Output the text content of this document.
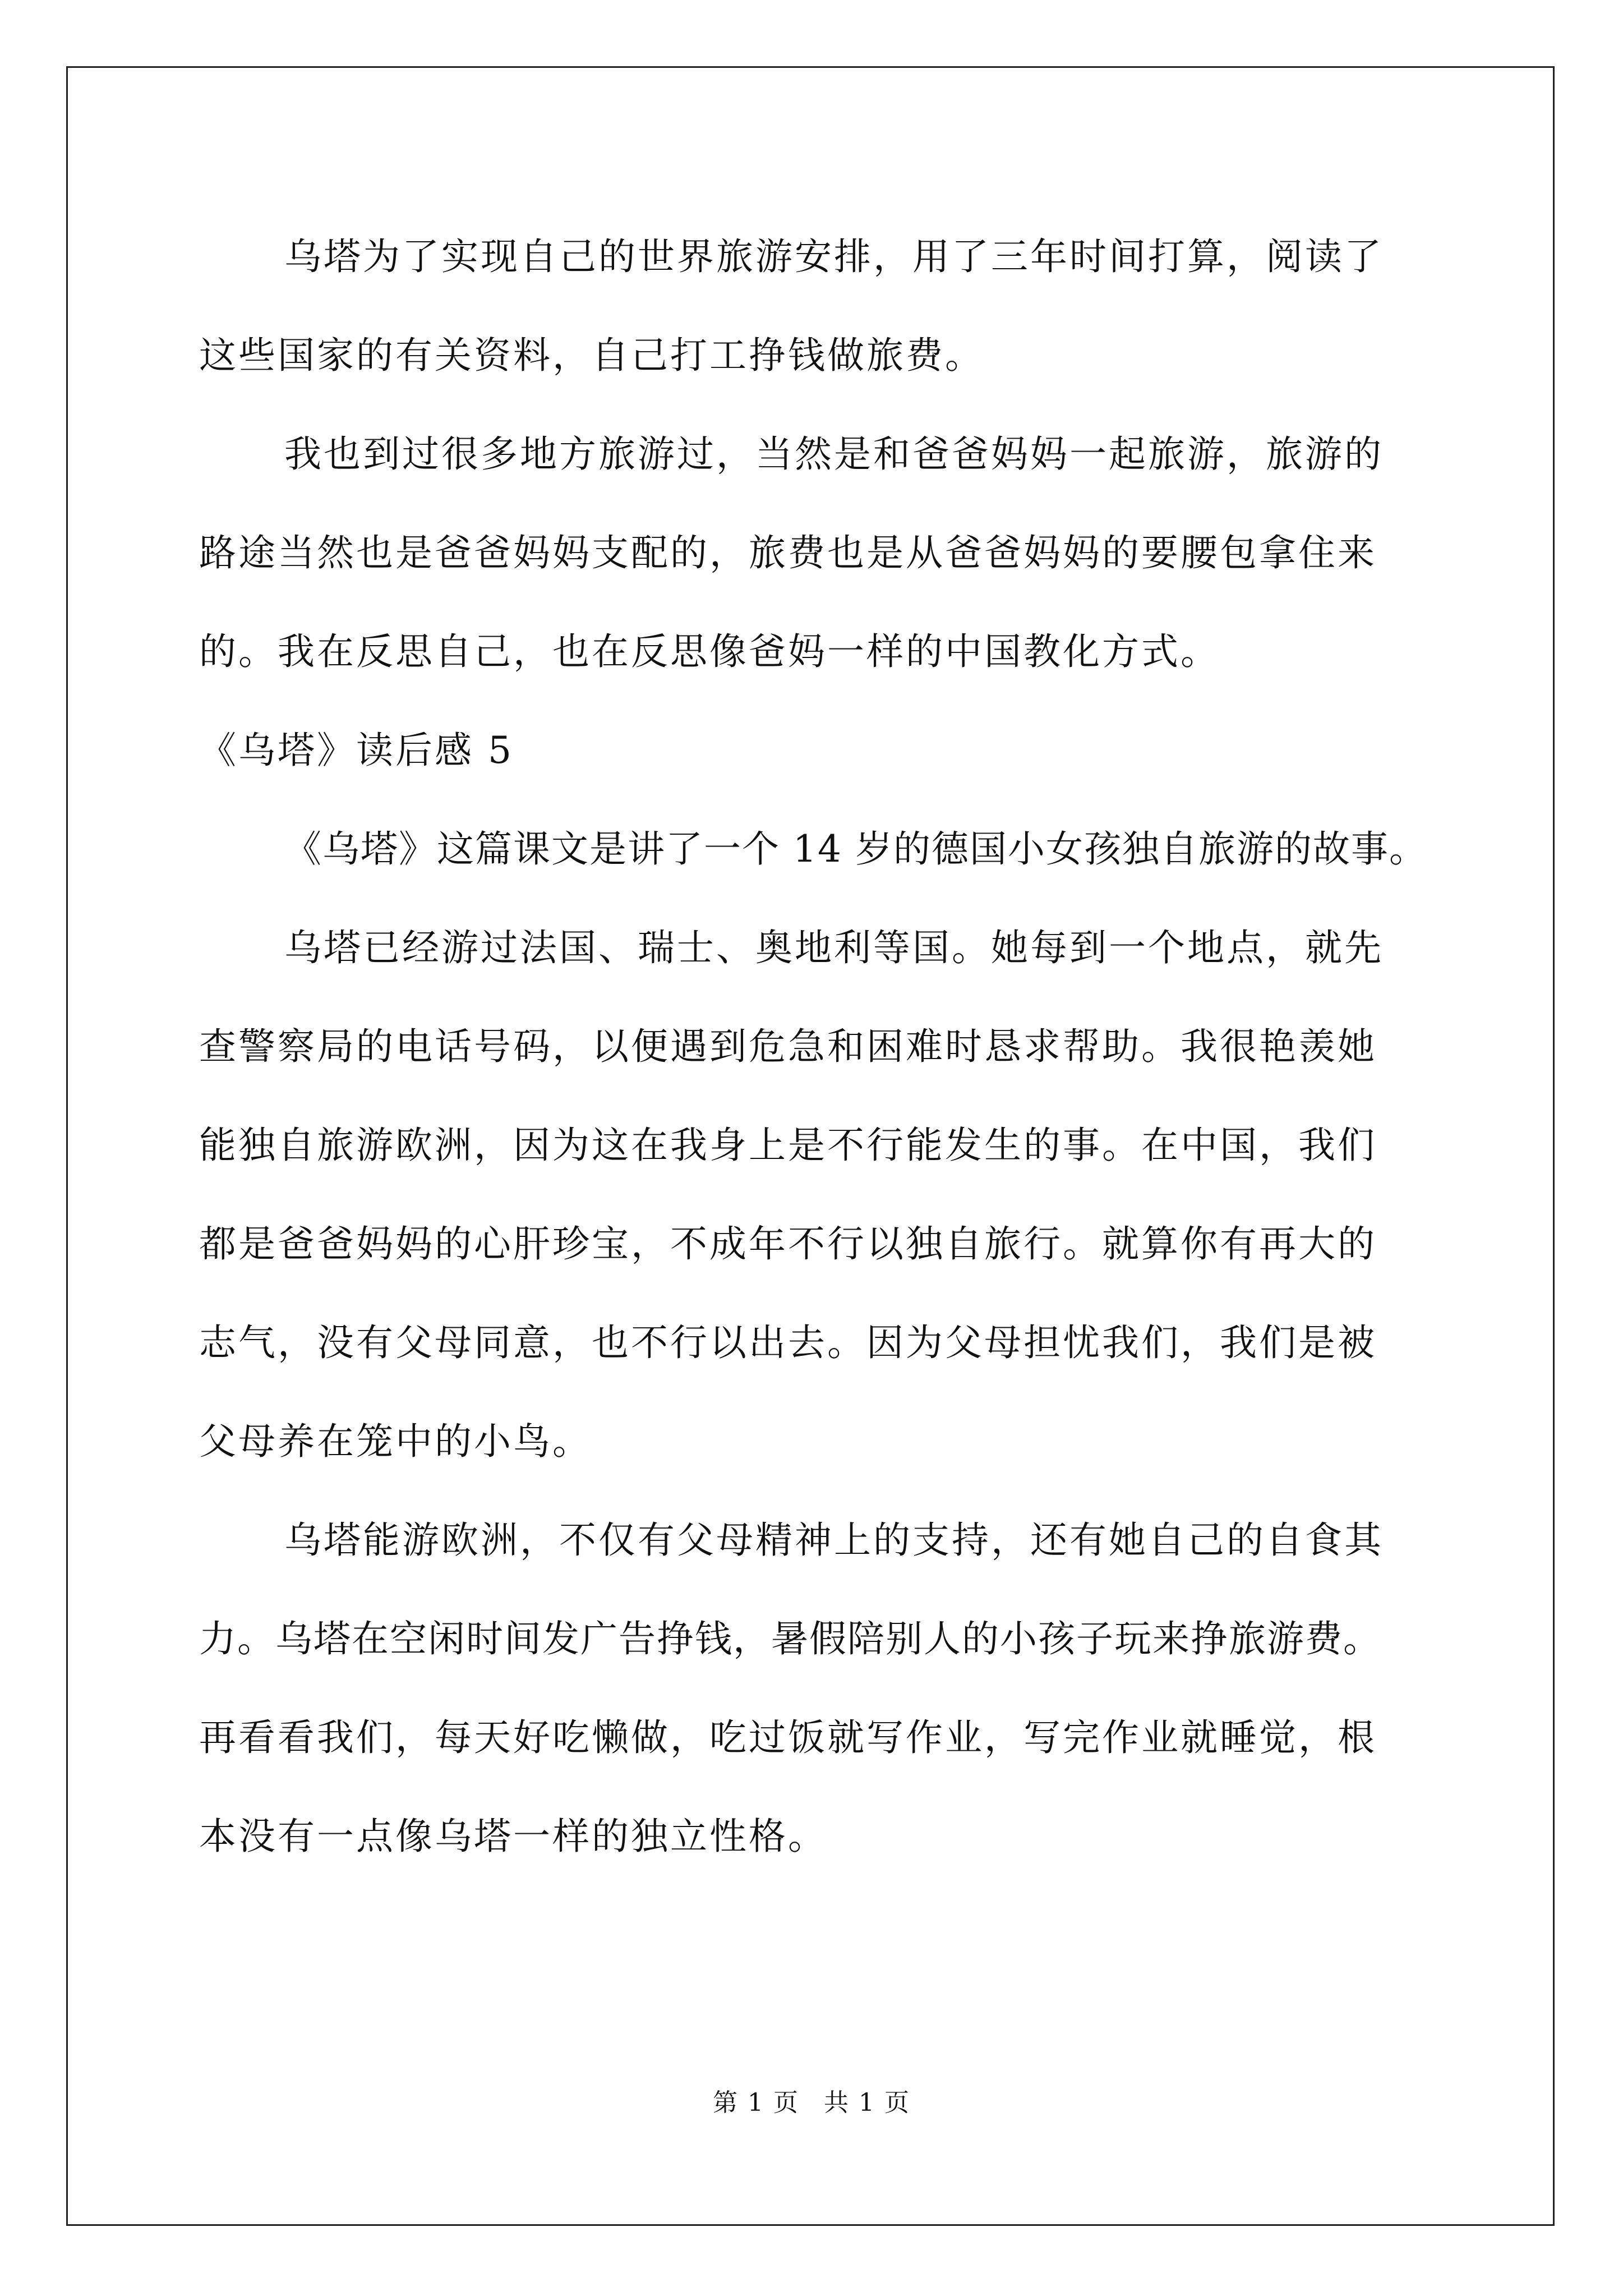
乌塔为了实现自己的世界旅游安排，用了三年时间打算，阅读了
这些国家的有关资料，自己打工挣钱做旅费。
我也到过很多地方旅游过，当然是和爸爸妈妈一起旅游，旅游的
路途当然也是爸爸妈妈支配的，旅费也是从爸爸妈妈的要腰包拿住来
的。我在反思自己，也在反思像爸妈一样的中国教化方式。
《乌塔》读后感 5
《乌塔》这篇课文是讲了一个 14 岁的德国小女孩独自旅游的故事。
乌塔已经游过法国、瑞士、奥地利等国。她每到一个地点，就先
查警察局的电话号码，以便遇到危急和困难时恳求帮助。我很艳羡她
能独自旅游欧洲，因为这在我身上是不行能发生的事。在中国，我们
都是爸爸妈妈的心肝珍宝，不成年不行以独自旅行。就算你有再大的
志气，没有父母同意，也不行以出去。因为父母担忧我们，我们是被
父母养在笼中的小鸟。
乌塔能游欧洲，不仅有父母精神上的支持，还有她自己的自食其
力。乌塔在空闲时间发广告挣钱，暑假陪别人的小孩子玩来挣旅游费。
再看看我们，每天好吃懒做，吃过饭就写作业，写完作业就睡觉，根
本没有一点像乌塔一样的独立性格。
第 1 页 共 1 页
